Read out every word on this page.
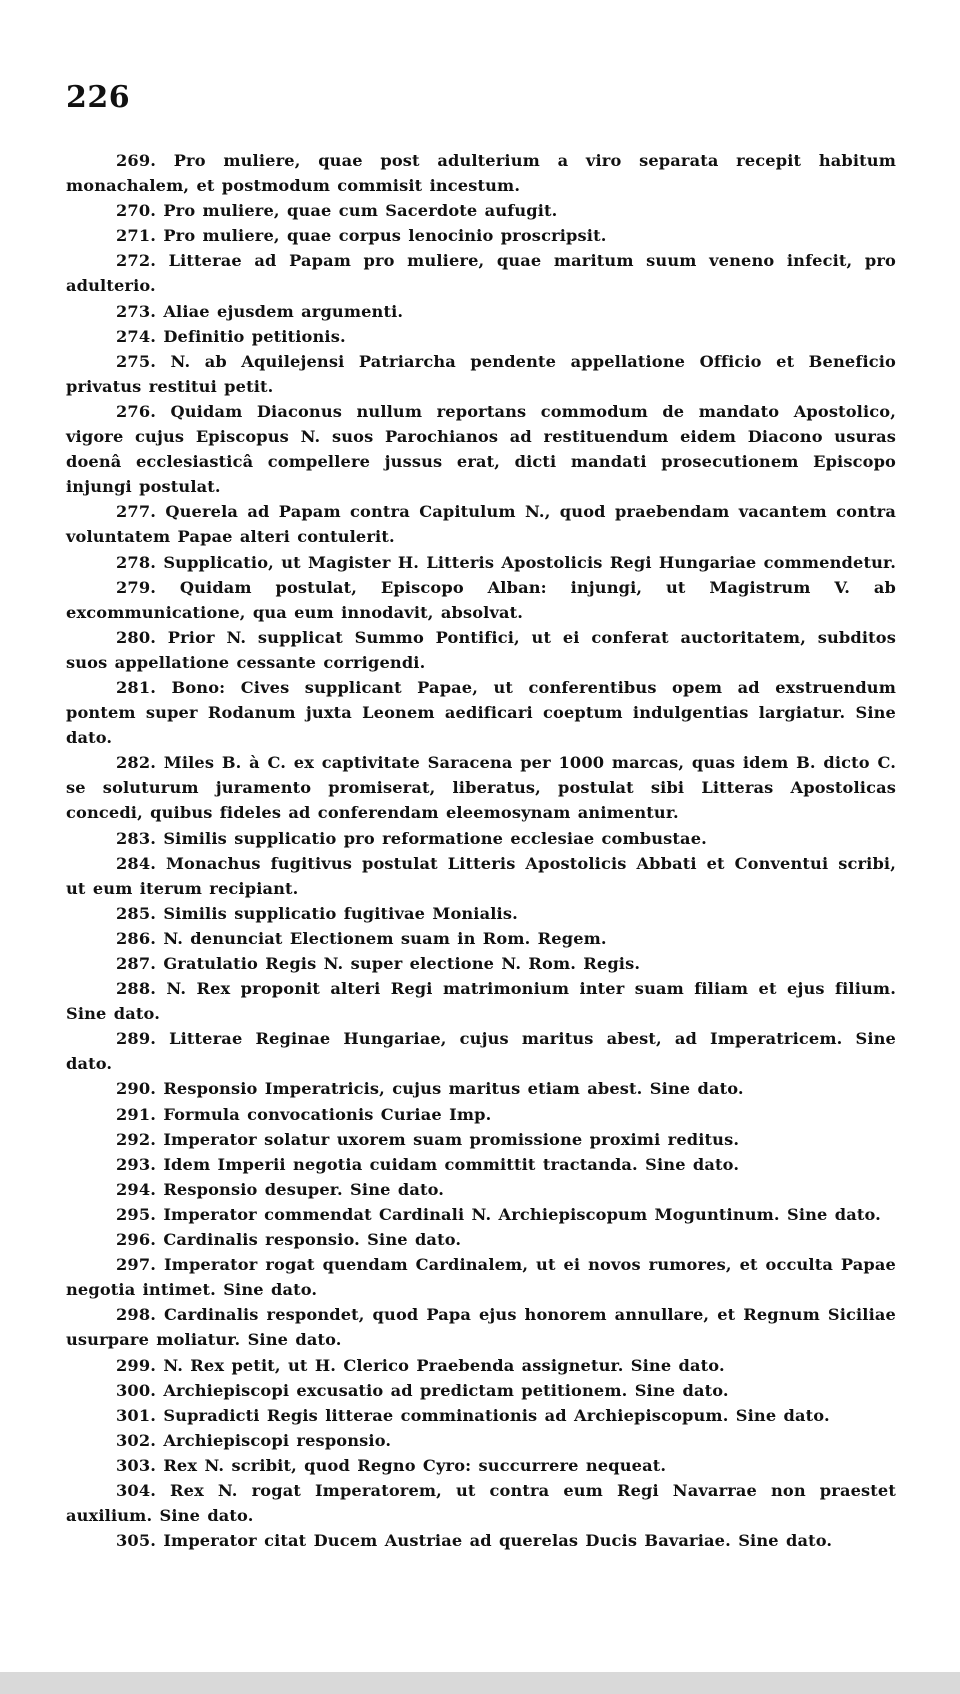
226

269. Pro muliere, quae post adulterium a viro separata recepit habitum monachalem, et postmodum commisit incestum.

270. Pro muliere, quae cum Sacerdote aufugit.

271. Pro muliere, quae corpus lenocinio proscripsit.

272. Litterae ad Papam pro muliere, quae maritum suum veneno infecit, pro adulterio.

273. Aliae ejusdem argumenti.

274. Definitio petitionis.

275. N. ab Aquilejensi Patriarcha pendente appellatione Officio et Beneficio privatus restitui petit.

276. Quidam Diaconus nullum reportans commodum de mandato Apostolico, vigore cujus Episcopus N. suos Parochianos ad restituendum eidem Diacono usuras doenâ ecclesiasticâ compellere jussus erat, dicti mandati prosecutionem Episcopo injungi postulat.

277. Querela ad Papam contra Capitulum N., quod praebendam vacantem contra voluntatem Papae alteri contulerit.

278. Supplicatio, ut Magister H. Litteris Apostolicis Regi Hungariae commendetur.

279. Quidam postulat, Episcopo Alban: injungi, ut Magistrum V. ab excommunicatione, qua eum innodavit, absolvat.

280. Prior N. supplicat Summo Pontifici, ut ei conferat auctoritatem, subditos suos appellatione cessante corrigendi.

281. Bono: Cives supplicant Papae, ut conferentibus opem ad exstruendum pontem super Rodanum juxta Leonem aedificari coeptum indulgentias largiatur. Sine dato.

282. Miles B. à C. ex captivitate Saracena per 1000 marcas, quas idem B. dicto C. se soluturum juramento promiserat, liberatus, postulat sibi Litteras Apostolicas concedi, quibus fideles ad conferendam eleemosynam animentur.

283. Similis supplicatio pro reformatione ecclesiae combustae.

284. Monachus fugitivus postulat Litteris Apostolicis Abbati et Conventui scribi, ut eum iterum recipiant.

285. Similis supplicatio fugitivae Monialis.

286. N. denunciat Electionem suam in Rom. Regem.

287. Gratulatio Regis N. super electione N. Rom. Regis.

288. N. Rex proponit alteri Regi matrimonium inter suam filiam et ejus filium. Sine dato.

289. Litterae Reginae Hungariae, cujus maritus abest, ad Imperatricem. Sine dato.

290. Responsio Imperatricis, cujus maritus etiam abest. Sine dato.

291. Formula convocationis Curiae Imp.

292. Imperator solatur uxorem suam promissione proximi reditus.

293. Idem Imperii negotia cuidam committit tractanda. Sine dato.

294. Responsio desuper. Sine dato.

295. Imperator commendat Cardinali N. Archiepiscopum Moguntinum. Sine dato.

296. Cardinalis responsio. Sine dato.

297. Imperator rogat quendam Cardinalem, ut ei novos rumores, et occulta Papae negotia intimet. Sine dato.

298. Cardinalis respondet, quod Papa ejus honorem annullare, et Regnum Siciliae usurpare moliatur. Sine dato.

299. N. Rex petit, ut H. Clerico Praebenda assignetur. Sine dato.

300. Archiepiscopi excusatio ad predictam petitionem. Sine dato.

301. Supradicti Regis litterae comminationis ad Archiepiscopum. Sine dato.

302. Archiepiscopi responsio.

303. Rex N. scribit, quod Regno Cyro: succurrere nequeat.

304. Rex N. rogat Imperatorem, ut contra eum Regi Navarrae non praestet auxilium. Sine dato.

305. Imperator citat Ducem Austriae ad querelas Ducis Bavariae. Sine dato.
